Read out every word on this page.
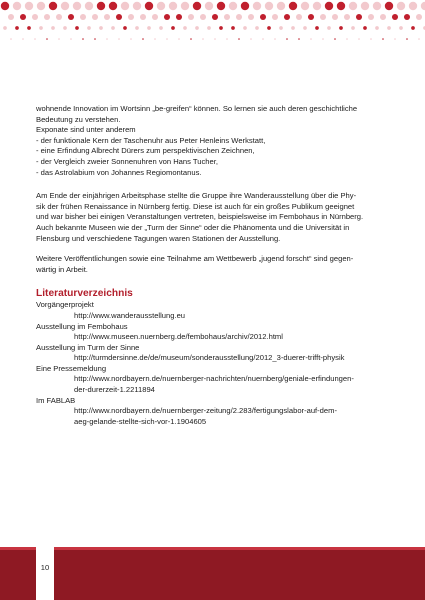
wohnende Innovation im Wortsinn „be-greifen“ können. So lernen sie auch deren geschichtliche

Bedeutung zu verstehen.

Exponate sind unter anderem

- der funktionale Kern der Taschenuhr aus Peter Henleins Werkstatt,

- eine Erfindung Albrecht Dürers zum perspektivischen Zeichnen,

- der Vergleich zweier Sonnenuhren von Hans Tucher,

- das Astrolabium von Johannes Regiomontanus.

Am Ende der einjährigen Arbeitsphase stellte die Gruppe ihre Wanderausstellung über die Phy-

sik der frühen Renaissance in Nürnberg fertig. Diese ist auch für ein großes Publikum geeignet

und war bisher bei einigen Veranstaltungen vertreten, beispielsweise im Fembohaus in Nürnberg.

Auch bekannte Museen wie der „Turm der Sinne“ oder die Phänomenta und die Universität in

Flensburg und verschiedene Tagungen waren Stationen der Ausstellung.

Weitere Veröffentlichungen sowie eine Teilnahme am Wettbewerb „jugend forscht“ sind gegen-

wärtig in Arbeit.

Literaturverzeichnis

Vorgängerprojekt

http://www.wanderausstellung.eu

Ausstellung im Fembohaus

http://www.museen.nuernberg.de/fembohaus/archiv/2012.html

Ausstellung im Turm der Sinne

http://turmdersinne.de/de/museum/sonderausstellung/2012_3-duerer-trifft-physik

Eine Pressemeldung

http://www.nordbayern.de/nuernberger-nachrichten/nuernberg/geniale-erfindungen-

der-durerzeit-1.2211894

Im FABLAB

http://www.nordbayern.de/nuernberger-zeitung/2.283/fertigungslabor-auf-dem-

aeg-gelande-stellte-sich-vor-1.1904605

10
